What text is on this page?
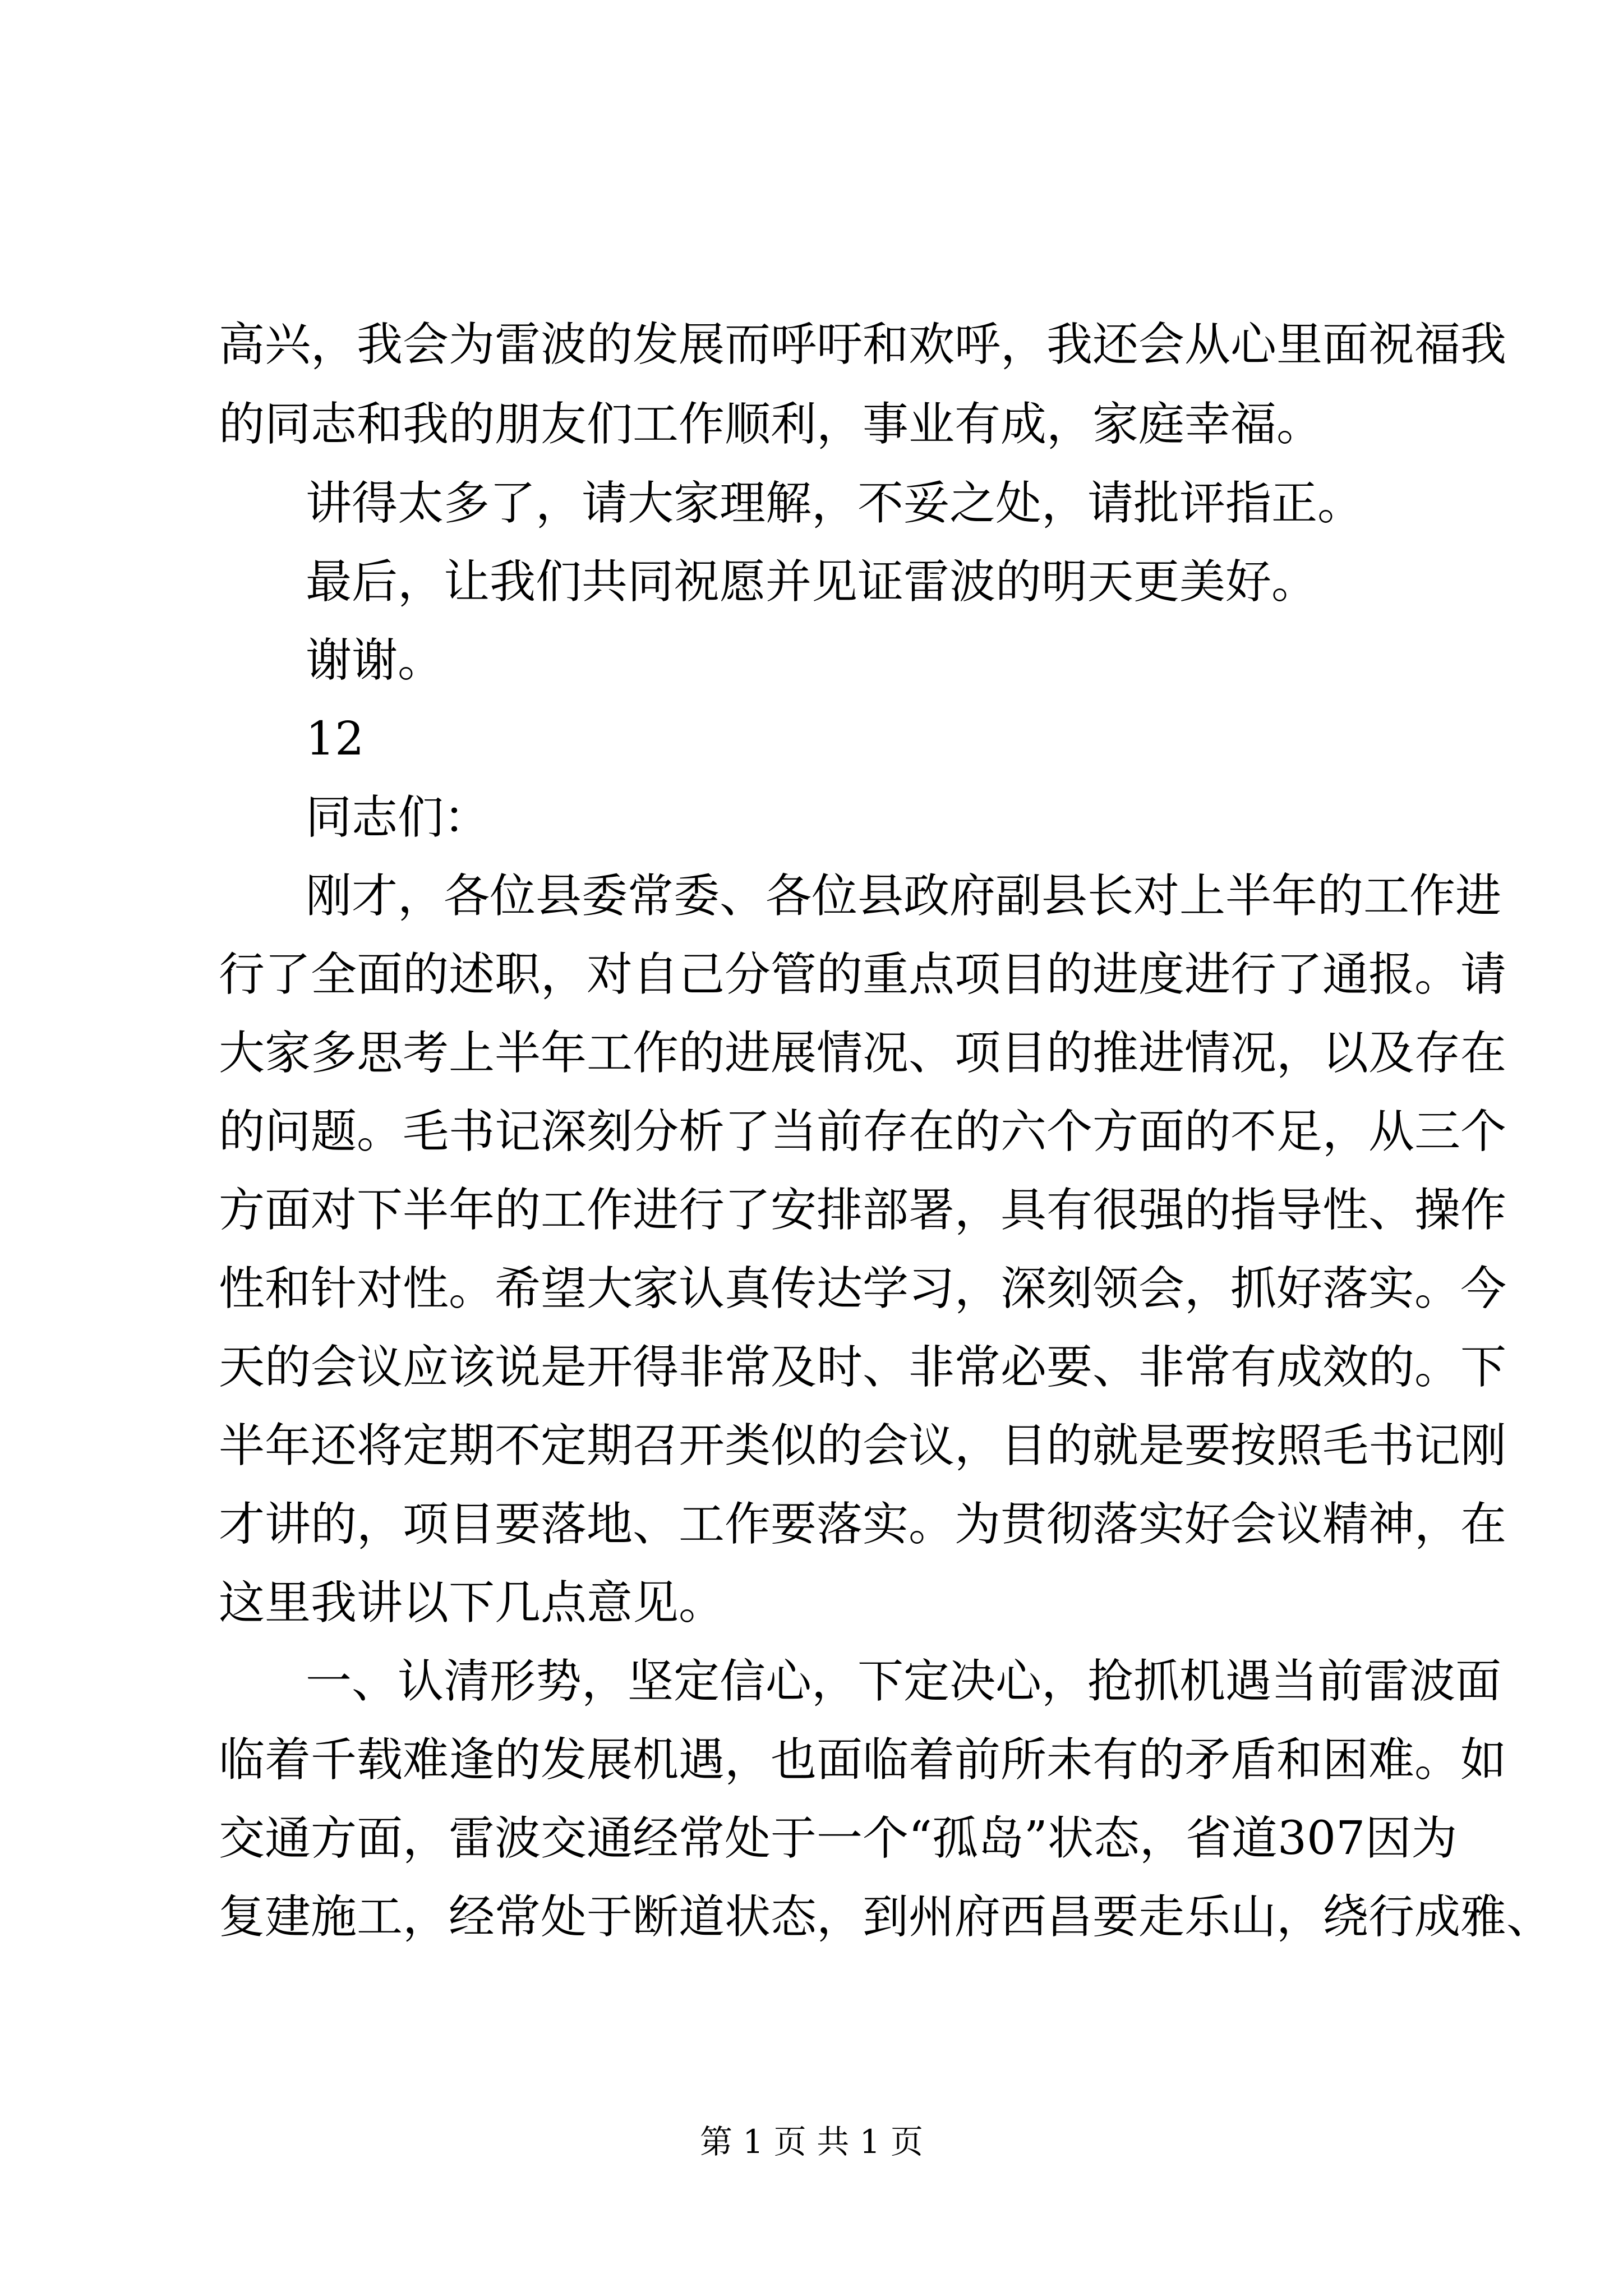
高兴，我会为雷波的发展而呼吁和欢呼，我还会从心里面祝福我
的同志和我的朋友们工作顺利，事业有成，家庭幸福。
讲得太多了，请大家理解，不妥之处，请批评指正。
最后，让我们共同祝愿并见证雷波的明天更美好。
谢谢。
12
同志们：
刚才，各位县委常委、各位县政府副县长对上半年的工作进
行了全面的述职，对自己分管的重点项目的进度进行了通报。请
大家多思考上半年工作的进展情况、项目的推进情况，以及存在
的问题。毛书记深刻分析了当前存在的六个方面的不足，从三个
方面对下半年的工作进行了安排部署，具有很强的指导性、操作
性和针对性。希望大家认真传达学习，深刻领会，抓好落实。今
天的会议应该说是开得非常及时、非常必要、非常有成效的。下
半年还将定期不定期召开类似的会议，目的就是要按照毛书记刚
才讲的，项目要落地、工作要落实。为贯彻落实好会议精神，在
这里我讲以下几点意见。
一、认清形势，坚定信心，下定决心，抢抓机遇当前雷波面
临着千载难逢的发展机遇，也面临着前所未有的矛盾和困难。如
交通方面，雷波交通经常处于一个“孤岛”状态，省道307因为
复建施工，经常处于断道状态，到州府西昌要走乐山，绕行成雅、
第 1 页 共 1 页
